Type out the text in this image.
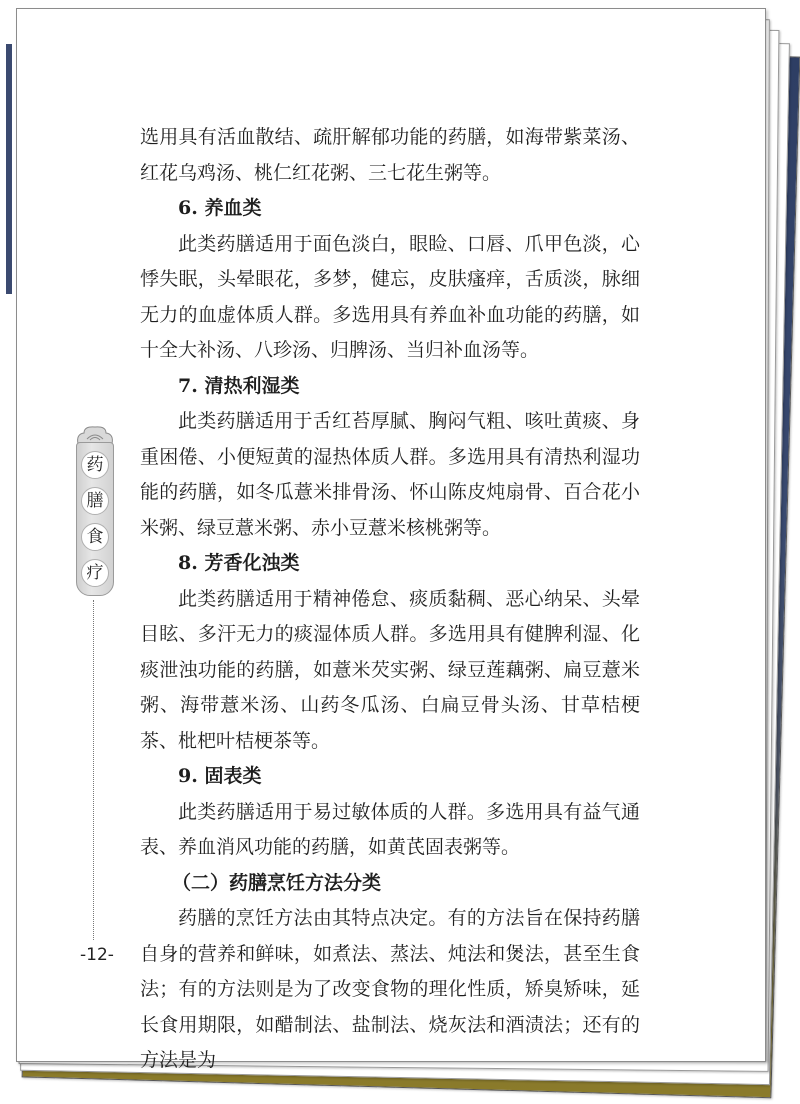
药
膳
食
疗
-12-

选用具有活血散结、疏肝解郁功能的药膳，如海带紫菜汤、红花乌鸡汤、桃仁红花粥、三七花生粥等。

6. 养血类

此类药膳适用于面色淡白，眼睑、口唇、爪甲色淡，心悸失眠，头晕眼花，多梦，健忘，皮肤瘙痒，舌质淡，脉细无力的血虚体质人群。多选用具有养血补血功能的药膳，如十全大补汤、八珍汤、归脾汤、当归补血汤等。

7. 清热利湿类

此类药膳适用于舌红苔厚腻、胸闷气粗、咳吐黄痰、身重困倦、小便短黄的湿热体质人群。多选用具有清热利湿功能的药膳，如冬瓜薏米排骨汤、怀山陈皮炖扇骨、百合花小米粥、绿豆薏米粥、赤小豆薏米核桃粥等。

8. 芳香化浊类

此类药膳适用于精神倦怠、痰质黏稠、恶心纳呆、头晕目眩、多汗无力的痰湿体质人群。多选用具有健脾利湿、化痰泄浊功能的药膳，如薏米芡实粥、绿豆莲藕粥、扁豆薏米粥、海带薏米汤、山药冬瓜汤、白扁豆骨头汤、甘草桔梗茶、枇杷叶桔梗茶等。

9. 固表类

此类药膳适用于易过敏体质的人群。多选用具有益气通表、养血消风功能的药膳，如黄芪固表粥等。

（二）药膳烹饪方法分类

药膳的烹饪方法由其特点决定。有的方法旨在保持药膳自身的营养和鲜味，如煮法、蒸法、炖法和煲法，甚至生食法；有的方法则是为了改变食物的理化性质，矫臭矫味，延长食用期限，如醋制法、盐制法、烧灰法和酒渍法；还有的方法是为
